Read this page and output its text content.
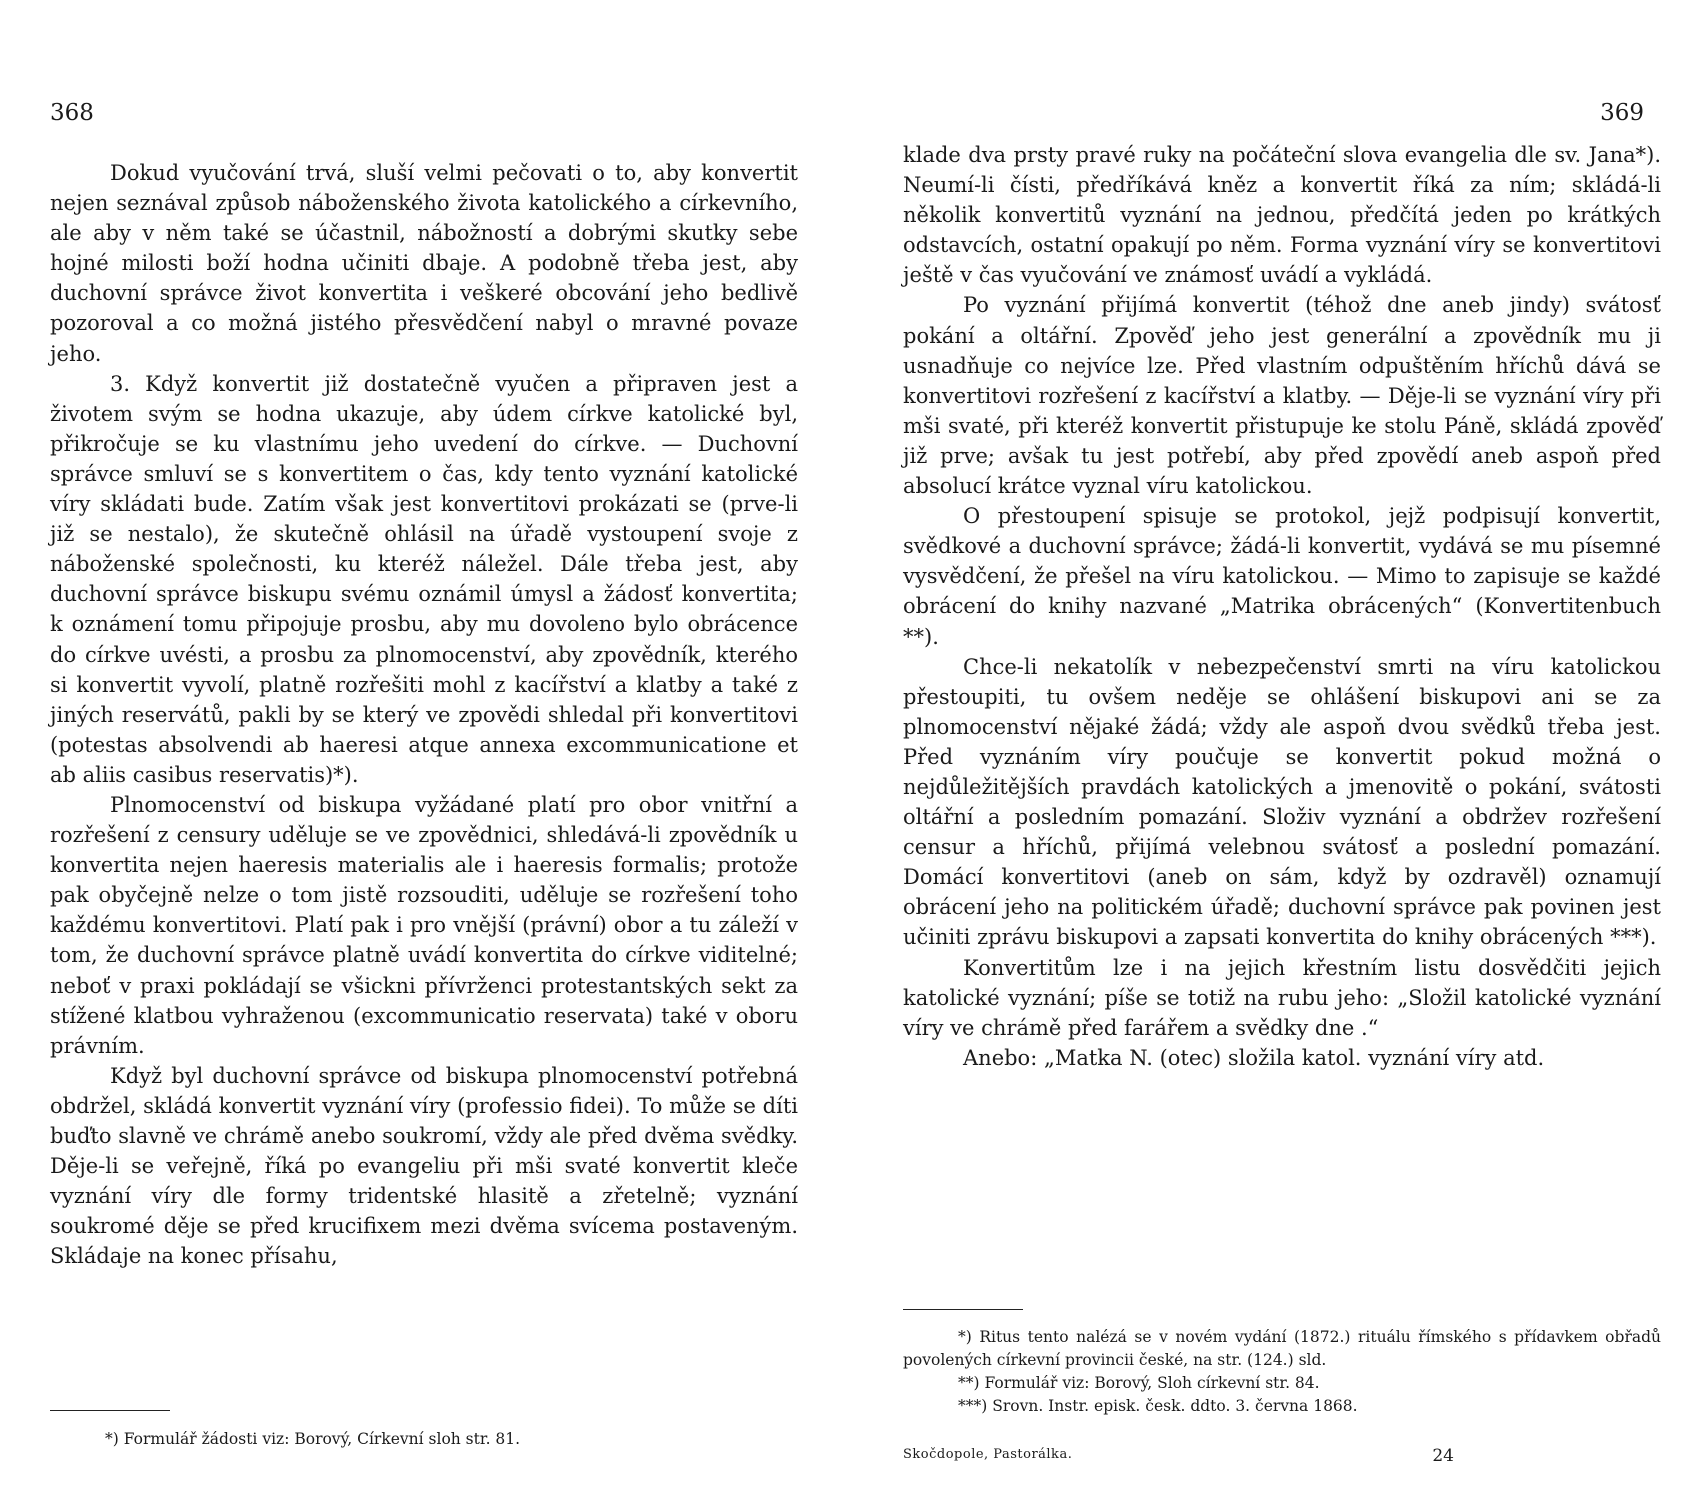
368

Dokud vyučování trvá, sluší velmi pečovati o to, aby konvertit nejen seznával způsob náboženského života katolického a církevního, ale aby v něm také se účastnil, nábožností a dobrými skutky sebe hojné milosti boží hodna učiniti dbaje. A podobně třeba jest, aby duchovní správce život konvertita i veškeré obcování jeho bedlivě pozoroval a co možná jistého přesvědčení nabyl o mravné povaze jeho.

3. Když konvertit již dostatečně vyučen a připraven jest a životem svým se hodna ukazuje, aby údem církve katolické byl, přikročuje se ku vlastnímu jeho uvedení do církve. — Duchovní správce smluví se s konvertitem o čas, kdy tento vyznání katolické víry skládati bude. Zatím však jest konvertitovi prokázati se (prve-li již se nestalo), že skutečně ohlásil na úřadě vystoupení svoje z náboženské společnosti, ku kteréž náležel. Dále třeba jest, aby duchovní správce biskupu svému oznámil úmysl a žádosť konvertita; k oznámení tomu připojuje prosbu, aby mu dovoleno bylo obrácence do církve uvésti, a prosbu za plnomocenství, aby zpovědník, kterého si konvertit vyvolí, platně rozřešiti mohl z kacířství a klatby a také z jiných reservátů, pakli by se který ve zpovědi shledal při konvertitovi (potestas absolvendi ab haeresi atque annexa excommunicatione et ab aliis casibus reservatis)*).

Plnomocenství od biskupa vyžádané platí pro obor vnitřní a rozřešení z censury uděluje se ve zpovědnici, shledává-li zpovědník u konvertita nejen haeresis materialis ale i haeresis formalis; protože pak obyčejně nelze o tom jistě rozsouditi, uděluje se rozřešení toho každému konvertitovi. Platí pak i pro vnější (právní) obor a tu záleží v tom, že duchovní správce platně uvádí konvertita do církve viditelné; neboť v praxi pokládají se všickni přívrženci protestantských sekt za stížené klatbou vyhraženou (excommunicatio reservata) také v oboru právním.

Když byl duchovní správce od biskupa plnomocenství potřebná obdržel, skládá konvertit vyznání víry (professio fidei). To může se díti buďto slavně ve chrámě anebo soukromí, vždy ale před dvěma svědky. Děje-li se veřejně, říká po evangeliu při mši svaté konvertit klečе vyznání víry dle formy tridentské hlasitě a zřetelně; vyznání soukromé děje se před krucifixem mezi dvěma svícema postaveným. Skládaje na konec přísahu,

*) Formulář žádosti viz: Borový, Církevní sloh str. 81.

369

klade dva prsty pravé ruky na počáteční slova evangelia dle sv. Jana*). Neumí-li čísti, předříkává kněz a konvertit říká za ním; skládá-li několik konvertitů vyznání na jednou, předčítá jeden po krátkých odstavcích, ostatní opakují po něm. Forma vyznání víry se konvertitovi ještě v čas vyučování ve známosť uvádí a vykládá.

Po vyznání přijímá konvertit (téhož dne aneb jindy) svátosť pokání a oltářní. Zpověď jeho jest generální a zpovědník mu ji usnadňuje co nejvíce lze. Před vlastním odpuštěním hříchů dává se konvertitovi rozřešení z kacířství a klatby. — Děje-li se vyznání víry při mši svaté, při kteréž konvertit přistupuje ke stolu Páně, skládá zpověď již prve; avšak tu jest potřebí, aby před zpovědí aneb aspoň před absolucí krátce vyznal víru katolickou.

O přestoupení spisuje se protokol, jejž podpisují konvertit, svědkové a duchovní správce; žádá-li konvertit, vydává se mu písemné vysvědčení, že přešel na víru katolickou. — Mimo to zapisuje se každé obrácení do knihy nazvané „Matrika obrácených“ (Konvertitenbuch **).

Chce-li nekatolík v nebezpečenství smrti na víru katolickou přestoupiti, tu ovšem neděje se ohlášení biskupovi ani se za plnomocenství nějaké žádá; vždy ale aspoň dvou svědků třeba jest. Před vyznáním víry poučuje se konvertit pokud možná o nejdůležitějších pravdách katolických a jmenovitě o pokání, svátosti oltářní a posledním pomazání. Složiv vyznání a obdržev rozřešení censur a hříchů, přijímá velebnou svátosť a poslední pomazání. Domácí konvertitovi (aneb on sám, když by ozdravěl) oznamují obrácení jeho na politickém úřadě; duchovní správce pak povinen jest učiniti zprávu biskupovi a zapsati konvertita do knihy obrácených ***).

Konvertitům lze i na jejich křestním listu dosvědčiti jejich katolické vyznání; píše se totiž na rubu jeho: „Složil katolické vyznání víry ve chrámě před farářem a svědky dne .“

Anebo: „Matka N. (otec) složila katol. vyznání víry atd.

*) Ritus tento nalézá se v novém vydání (1872.) rituálu římského s přídavkem obřadů povolených církevní provincii české, na str. (124.) sld.

**) Formulář viz: Borový, Sloh církevní str. 84.

***) Srovn. Instr. episk. česk. ddto. 3. června 1868.

Skočdopole, Pastorálka.	24
